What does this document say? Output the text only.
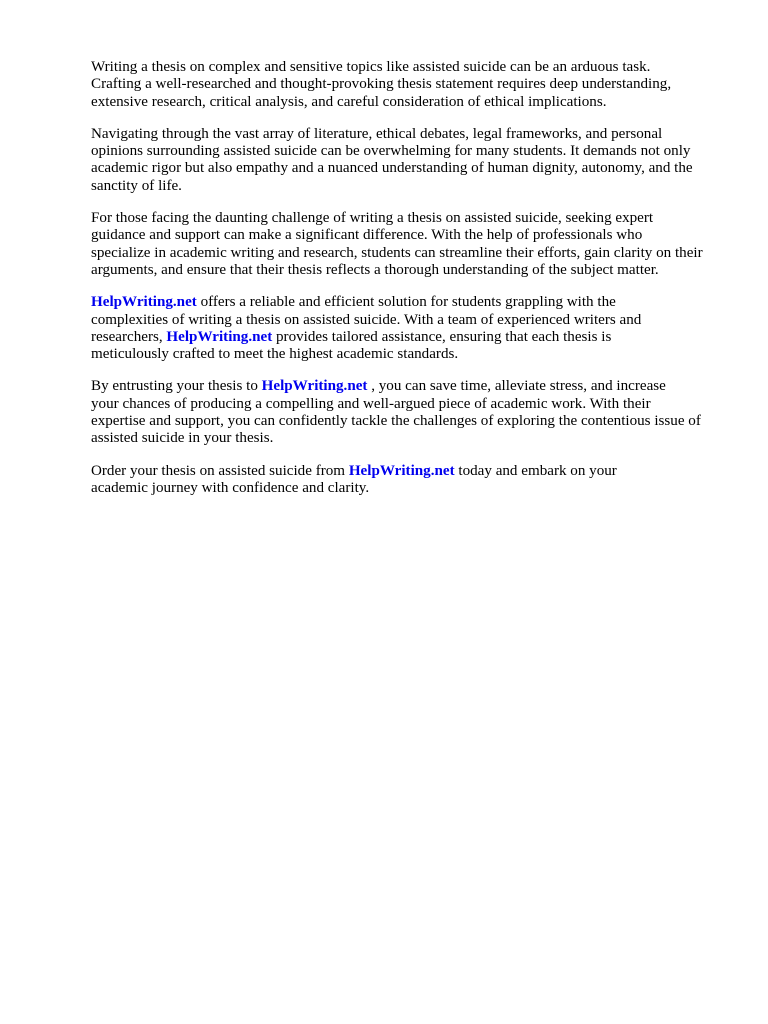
Writing a thesis on complex and sensitive topics like assisted suicide can be an arduous task.
Crafting a well-researched and thought-provoking thesis statement requires deep understanding,
extensive research, critical analysis, and careful consideration of ethical implications.

Navigating through the vast array of literature, ethical debates, legal frameworks, and personal
opinions surrounding assisted suicide can be overwhelming for many students. It demands not only
academic rigor but also empathy and a nuanced understanding of human dignity, autonomy, and the
sanctity of life.

For those facing the daunting challenge of writing a thesis on assisted suicide, seeking expert
guidance and support can make a significant difference. With the help of professionals who
specialize in academic writing and research, students can streamline their efforts, gain clarity on their
arguments, and ensure that their thesis reflects a thorough understanding of the subject matter.

HelpWriting.net offers a reliable and efficient solution for students grappling with the
complexities of writing a thesis on assisted suicide. With a team of experienced writers and
researchers, HelpWriting.net provides tailored assistance, ensuring that each thesis is
meticulously crafted to meet the highest academic standards.

By entrusting your thesis to HelpWriting.net , you can save time, alleviate stress, and increase
your chances of producing a compelling and well-argued piece of academic work. With their
expertise and support, you can confidently tackle the challenges of exploring the contentious issue of
assisted suicide in your thesis.

Order your thesis on assisted suicide from HelpWriting.net today and embark on your
academic journey with confidence and clarity.
